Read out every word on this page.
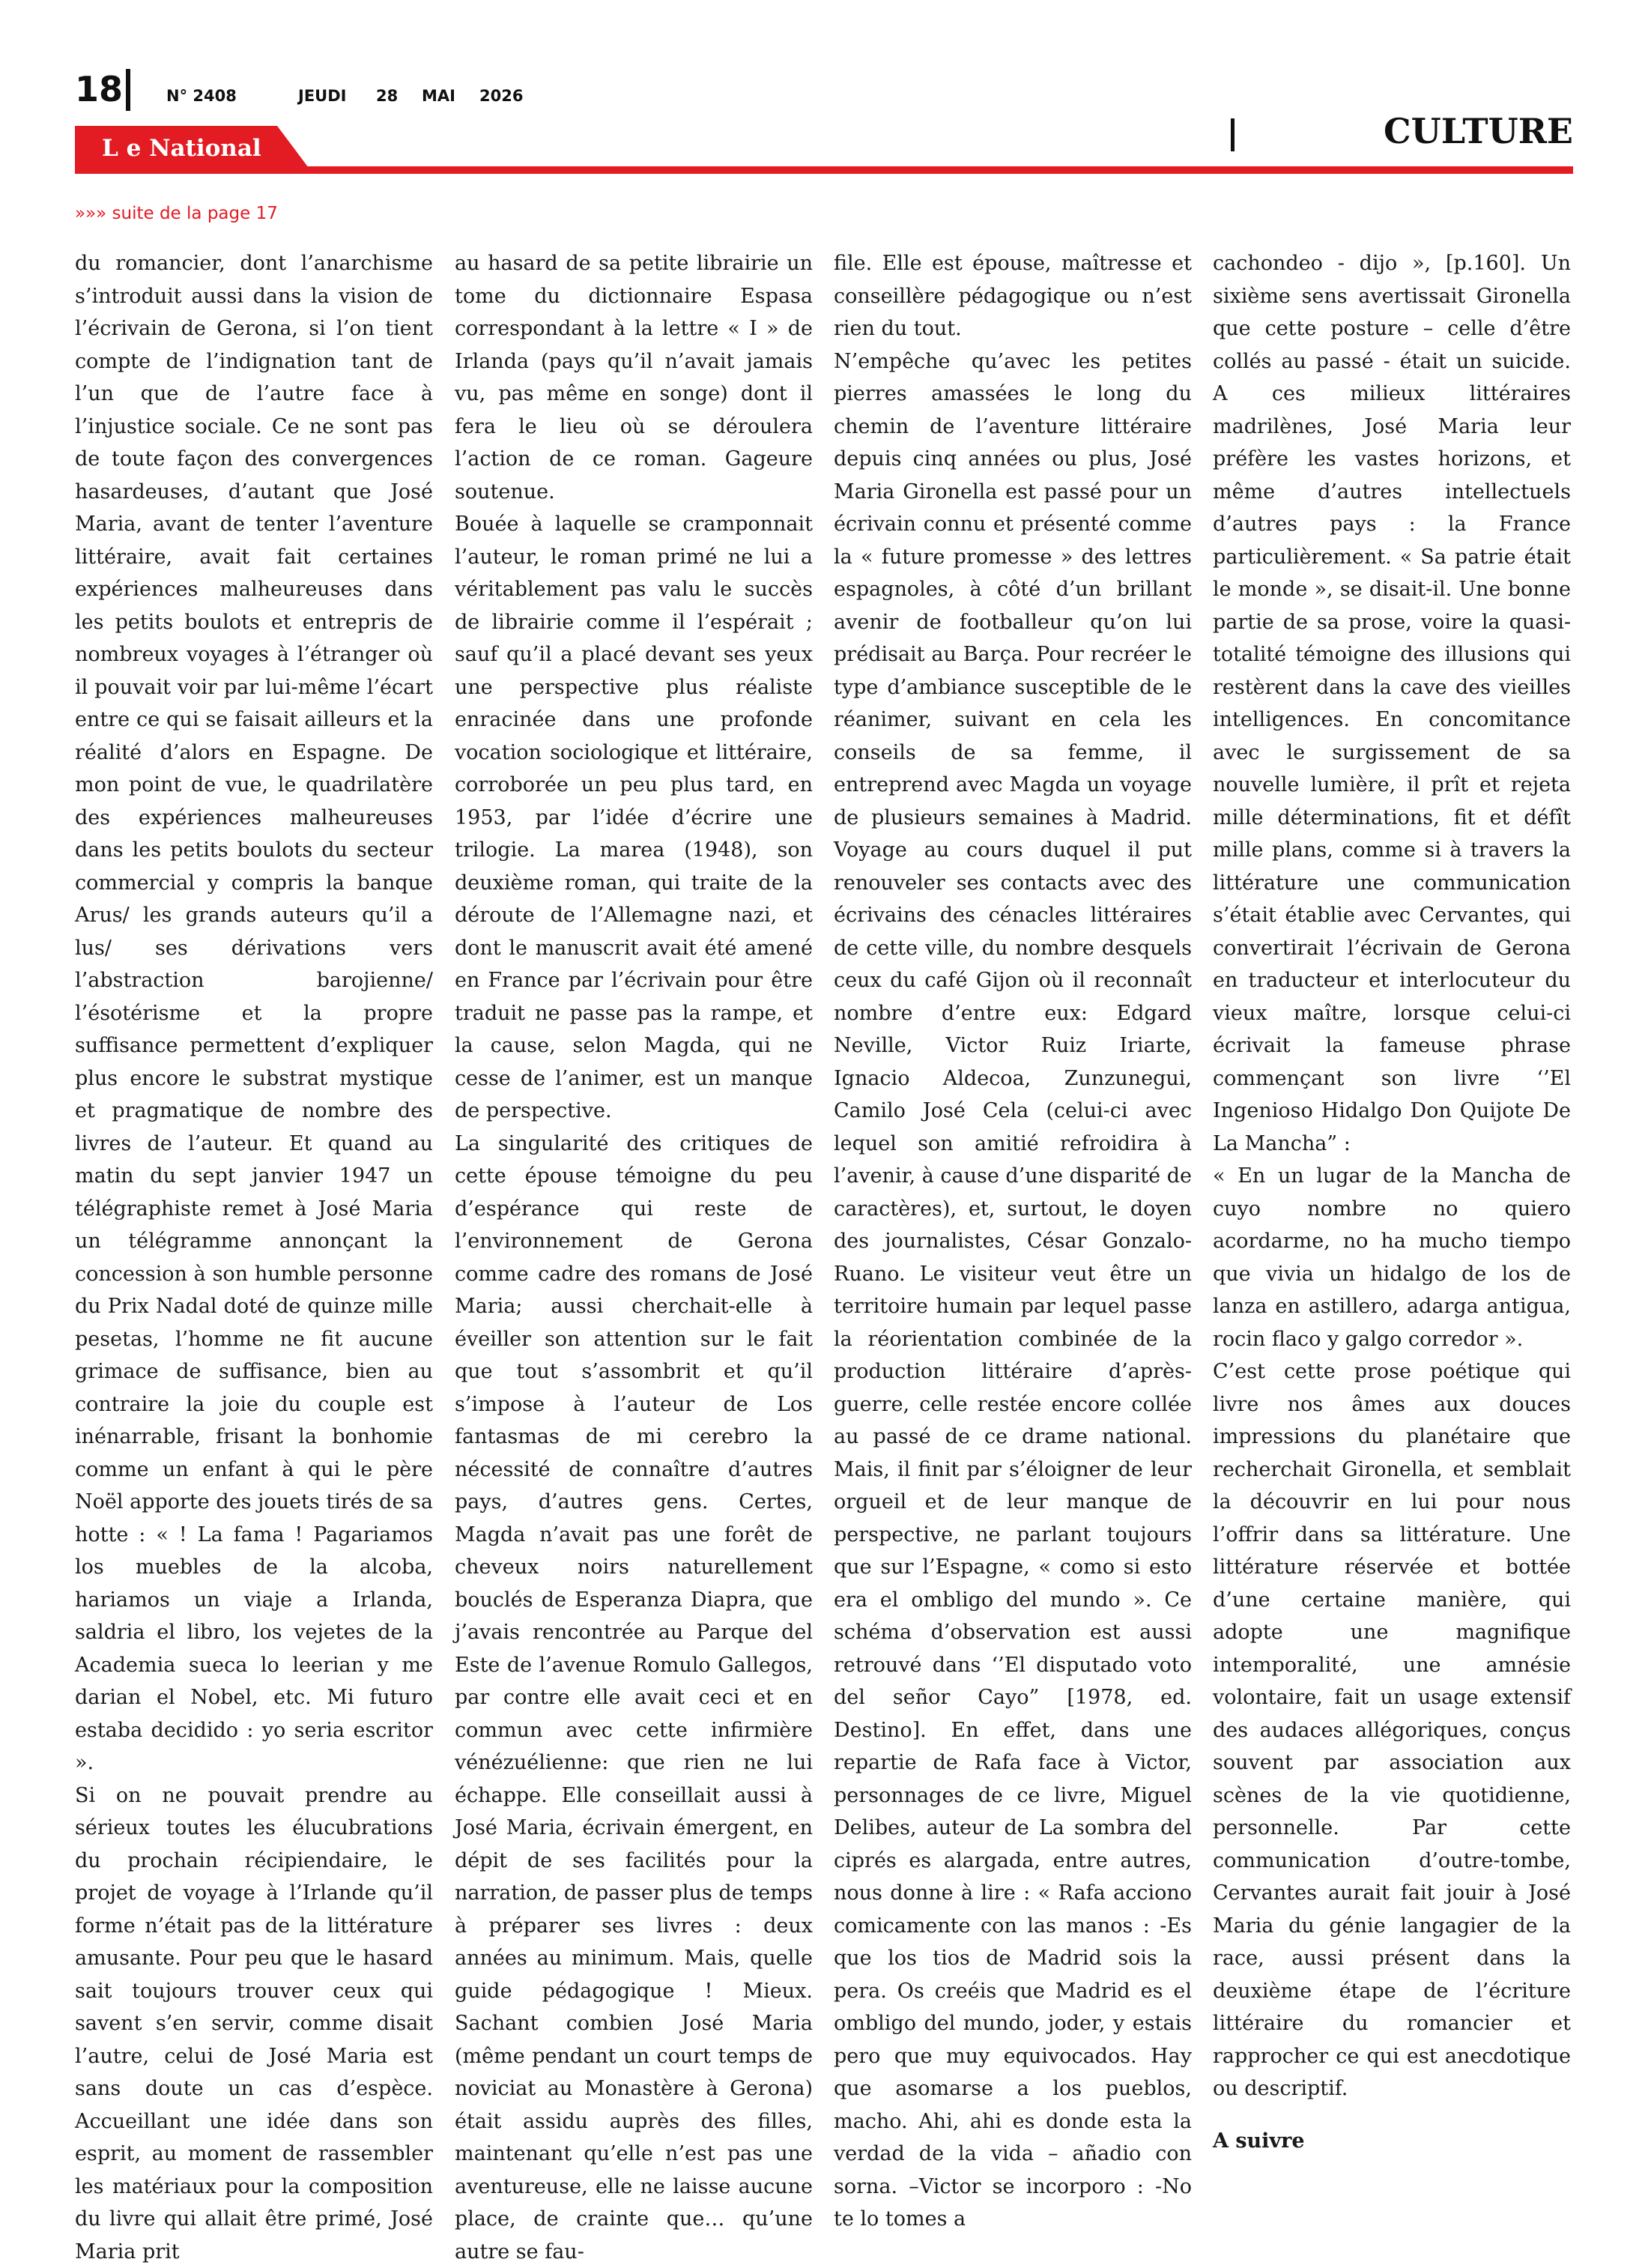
18	N° 2408	JEUDI 28 MAI 2026
L e National	CULTURE
»»» suite de la page 17

du romancier, dont l’anarchisme s’introduit aussi dans la vision de l’écrivain de Gerona, si l’on tient compte de l’indignation tant de l’un que de l’autre face à l’injustice sociale. Ce ne sont pas de toute façon des convergences hasardeuses, d’autant que José Maria, avant de tenter l’aventure littéraire, avait fait certaines expériences malheureuses dans les petits boulots et entrepris de nombreux voyages à l’étranger où il pouvait voir par lui-même l’écart entre ce qui se faisait ailleurs et la réalité d’alors en Espagne. De mon point de vue, le quadrilatère des expériences malheureuses dans les petits boulots du secteur commercial y compris la banque Arus/ les grands auteurs qu’il a lus/ ses dérivations vers l’abstraction barojienne/ l’ésotérisme et la propre suffisance permettent d’expliquer plus encore le substrat mystique et pragmatique de nombre des livres de l’auteur. Et quand au matin du sept janvier 1947 un télégraphiste remet à José Maria un télégramme annonçant la concession à son humble personne du Prix Nadal doté de quinze mille pesetas, l’homme ne fit aucune grimace de suffisance, bien au contraire la joie du couple est inénarrable, frisant la bonhomie comme un enfant à qui le père Noël apporte des jouets tirés de sa hotte : « ! La fama ! Pagariamos los muebles de la alcoba, hariamos un viaje a Irlanda, saldria el libro, los vejetes de la Academia sueca lo leerian y me darian el Nobel, etc. Mi futuro estaba decidido : yo seria escritor ».

Si on ne pouvait prendre au sérieux toutes les élucubrations du prochain récipiendaire, le projet de voyage à l’Irlande qu’il forme n’était pas de la littérature amusante. Pour peu que le hasard sait toujours trouver ceux qui savent s’en servir, comme disait l’autre, celui de José Maria est sans doute un cas d’espèce. Accueillant une idée dans son esprit, au moment de rassembler les matériaux pour la composition du livre qui allait être primé, José Maria prit

au hasard de sa petite librairie un tome du dictionnaire Espasa correspondant à la lettre « I » de Irlanda (pays qu’il n’avait jamais vu, pas même en songe) dont il fera le lieu où se déroulera l’action de ce roman. Gageure soutenue.

Bouée à laquelle se cramponnait l’auteur, le roman primé ne lui a véritablement pas valu le succès de librairie comme il l’espérait ; sauf qu’il a placé devant ses yeux une perspective plus réaliste enracinée dans une profonde vocation sociologique et littéraire, corroborée un peu plus tard, en 1953, par l’idée d’écrire une trilogie. La marea (1948), son deuxième roman, qui traite de la déroute de l’Allemagne nazi, et dont le manuscrit avait été amené en France par l’écrivain pour être traduit ne passe pas la rampe, et la cause, selon Magda, qui ne cesse de l’animer, est un manque de perspective.

La singularité des critiques de cette épouse témoigne du peu d’espérance qui reste de l’environnement de Gerona comme cadre des romans de José Maria; aussi cherchait-elle à éveiller son attention sur le fait que tout s’assombrit et qu’il s’impose à l’auteur de Los fantasmas de mi cerebro la nécessité de connaître d’autres pays, d’autres gens. Certes, Magda n’avait pas une forêt de cheveux noirs naturellement bouclés de Esperanza Diapra, que j’avais rencontrée au Parque del Este de l’avenue Romulo Gallegos, par contre elle avait ceci et en commun avec cette infirmière vénézuélienne: que rien ne lui échappe. Elle conseillait aussi à José Maria, écrivain émergent, en dépit de ses facilités pour la narration, de passer plus de temps à préparer ses livres : deux années au minimum. Mais, quelle guide pédagogique ! Mieux. Sachant combien José Maria (même pendant un court temps de noviciat au Monastère à Gerona) était assidu auprès des filles, maintenant qu’elle n’est pas une aventureuse, elle ne laisse aucune place, de crainte que… qu’une autre se fau-

file. Elle est épouse, maîtresse et conseillère pédagogique ou n’est rien du tout.

N’empêche qu’avec les petites pierres amassées le long du chemin de l’aventure littéraire depuis cinq années ou plus, José Maria Gironella est passé pour un écrivain connu et présenté comme la « future promesse » des lettres espagnoles, à côté d’un brillant avenir de footballeur qu’on lui prédisait au Barça. Pour recréer le type d’ambiance susceptible de le réanimer, suivant en cela les conseils de sa femme, il entreprend avec Magda un voyage de plusieurs semaines à Madrid. Voyage au cours duquel il put renouveler ses contacts avec des écrivains des cénacles littéraires de cette ville, du nombre desquels ceux du café Gijon où il reconnaît nombre d’entre eux: Edgard Neville, Victor Ruiz Iriarte, Ignacio Aldecoa, Zunzunegui, Camilo José Cela (celui-ci avec lequel son amitié refroidira à l’avenir, à cause d’une disparité de caractères), et, surtout, le doyen des journalistes, César Gonzalo-Ruano. Le visiteur veut être un territoire humain par lequel passe la réorientation combinée de la production littéraire d’après-guerre, celle restée encore collée au passé de ce drame national. Mais, il finit par s’éloigner de leur orgueil et de leur manque de perspective, ne parlant toujours que sur l’Espagne, « como si esto era el ombligo del mundo ». Ce schéma d’observation est aussi retrouvé dans ‘’El disputado voto del señor Cayo” [1978, ed. Destino]. En effet, dans une repartie de Rafa face à Victor, personnages de ce livre, Miguel Delibes, auteur de La sombra del ciprés es alargada, entre autres, nous donne à lire : « Rafa acciono comicamente con las manos : -Es que los tios de Madrid sois la pera. Os creéis que Madrid es el ombligo del mundo, joder, y estais pero que muy equivocados. Hay que asomarse a los pueblos, macho. Ahi, ahi es donde esta la verdad de la vida – añadio con sorna. –Victor se incorporo : -No te lo tomes a

cachondeo - dijo », [p.160]. Un sixième sens avertissait Gironella que cette posture – celle d’être collés au passé - était un suicide. A ces milieux littéraires madrilènes, José Maria leur préfère les vastes horizons, et même d’autres intellectuels d’autres pays : la France particulièrement. « Sa patrie était le monde », se disait-il. Une bonne partie de sa prose, voire la quasi-totalité témoigne des illusions qui restèrent dans la cave des vieilles intelligences. En concomitance avec le surgissement de sa nouvelle lumière, il prît et rejeta mille déterminations, fit et défît mille plans, comme si à travers la littérature une communication s’était établie avec Cervantes, qui convertirait l’écrivain de Gerona en traducteur et interlocuteur du vieux maître, lorsque celui-ci écrivait la fameuse phrase commençant son livre ‘’El Ingenioso Hidalgo Don Quijote De La Mancha” :

« En un lugar de la Mancha de cuyo nombre no quiero acordarme, no ha mucho tiempo que vivia un hidalgo de los de lanza en astillero, adarga antigua, rocin flaco y galgo corredor ».

C’est cette prose poétique qui livre nos âmes aux douces impressions du planétaire que recherchait Gironella, et semblait la découvrir en lui pour nous l’offrir dans sa littérature. Une littérature réservée et bottée d’une certaine manière, qui adopte une magnifique intemporalité, une amnésie volontaire, fait un usage extensif des audaces allégoriques, conçus souvent par association aux scènes de la vie quotidienne, personnelle. Par cette communication d’outre-tombe, Cervantes aurait fait jouir à José Maria du génie langagier de la race, aussi présent dans la deuxième étape de l’écriture littéraire du romancier et rapprocher ce qui est anecdotique ou descriptif.

A suivre
